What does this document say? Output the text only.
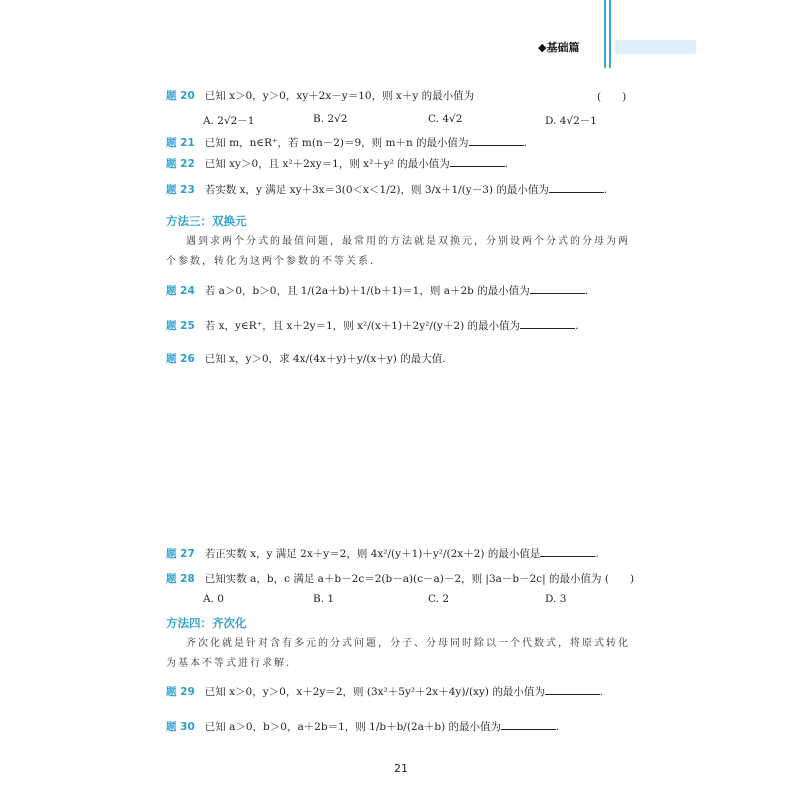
◆基础篇
题 20 已知 x＞0，y＞0，xy＋2x－y＝10，则 x＋y 的最小值为	(　　)
A. 2√2－1	B. 2√2	C. 4√2	D. 4√2－1
题 21 已知 m，n∈R⁺，若 m(n－2)＝9，则 m＋n 的最小值为	.
题 22 已知 xy＞0，且 x²＋2xy＝1，则 x²＋y² 的最小值为	.
题 23 若实数 x，y 满足 xy＋3x＝3(0＜x＜1/2)，则 3/x＋1/(y－3) 的最小值为	.
方法三：双换元
遇到求两个分式的最值问题，最常用的方法就是双换元，分别设两个分式的分母为两个参数，转化为这两个参数的不等关系.
题 24 若 a＞0，b＞0，且 1/(2a＋b)＋1/(b＋1)＝1，则 a＋2b 的最小值为	.
题 25 若 x，y∈R⁺，且 x＋2y＝1，则 x²/(x＋1)＋2y²/(y＋2) 的最小值为	.
题 26 已知 x，y＞0，求 4x/(4x＋y)＋y/(x＋y) 的最大值.
题 27 若正实数 x，y 满足 2x＋y＝2，则 4x²/(y＋1)＋y²/(2x＋2) 的最小值是	.
题 28 已知实数 a，b，c 满足 a＋b－2c＝2(b－a)(c－a)－2，则 |3a－b－2c| 的最小值为 (　　)
A. 0	B. 1	C. 2	D. 3
方法四：齐次化
齐次化就是针对含有多元的分式问题，分子、分母同时除以一个代数式，将原式转化为基本不等式进行求解.
题 29 已知 x＞0，y＞0，x＋2y＝2，则 (3x²＋5y²＋2x＋4y)/(xy) 的最小值为	.
题 30 已知 a＞0，b＞0，a＋2b＝1，则 1/b＋b/(2a＋b) 的最小值为	.
21
